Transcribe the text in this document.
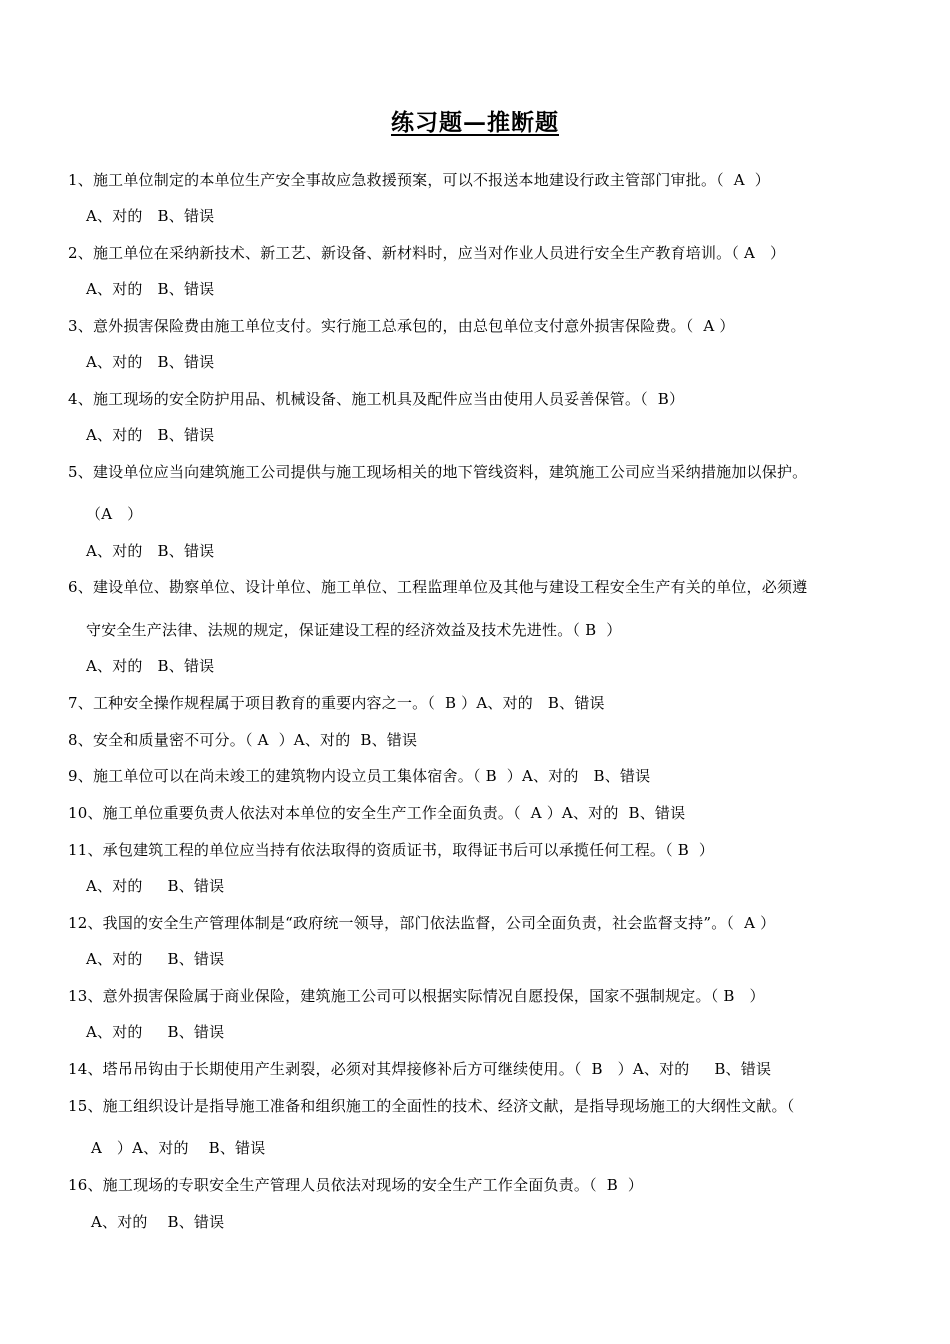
练习题—推断题
1、施工单位制定的本单位生产安全事故应急救援预案，可以不报送本地建设行政主管部门审批。（  A  ）
A、对的   B、错误
2、施工单位在采纳新技术、新工艺、新设备、新材料时，应当对作业人员进行安全生产教育培训。（ A   ）
A、对的   B、错误
3、意外损害保险费由施工单位支付。实行施工总承包的，由总包单位支付意外损害保险费。（  A ）
A、对的   B、错误
4、施工现场的安全防护用品、机械设备、施工机具及配件应当由使用人员妥善保管。（  B）
A、对的   B、错误
5、建设单位应当向建筑施工公司提供与施工现场相关的地下管线资料，建筑施工公司应当采纳措施加以保护。
（A   ）
A、对的   B、错误
6、建设单位、勘察单位、设计单位、施工单位、工程监理单位及其他与建设工程安全生产有关的单位，必须遵
守安全生产法律、法规的规定，保证建设工程的经济效益及技术先进性。（ B  ）
A、对的   B、错误
7、工种安全操作规程属于项目教育的重要内容之一。（  B ）A、对的   B、错误
8、安全和质量密不可分。（ A  ）A、对的  B、错误
9、施工单位可以在尚未竣工的建筑物内设立员工集体宿舍。（ B  ）A、对的   B、错误
10、施工单位重要负责人依法对本单位的安全生产工作全面负责。（  A ）A、对的  B、错误
11、承包建筑工程的单位应当持有依法取得的资质证书，取得证书后可以承揽任何工程。（ B  ）
A、对的     B、错误
12、我国的安全生产管理体制是“政府统一领导，部门依法监督，公司全面负责，社会监督支持”。（  A ）
A、对的     B、错误
13、意外损害保险属于商业保险，建筑施工公司可以根据实际情况自愿投保，国家不强制规定。（ B   ）
A、对的     B、错误
14、塔吊吊钩由于长期使用产生剥裂，必须对其焊接修补后方可继续使用。（  B   ）A、对的     B、错误
15、施工组织设计是指导施工准备和组织施工的全面性的技术、经济文献，是指导现场施工的大纲性文献。（
A   ）A、对的    B、错误
16、施工现场的专职安全生产管理人员依法对现场的安全生产工作全面负责。（  B  ）
A、对的    B、错误
